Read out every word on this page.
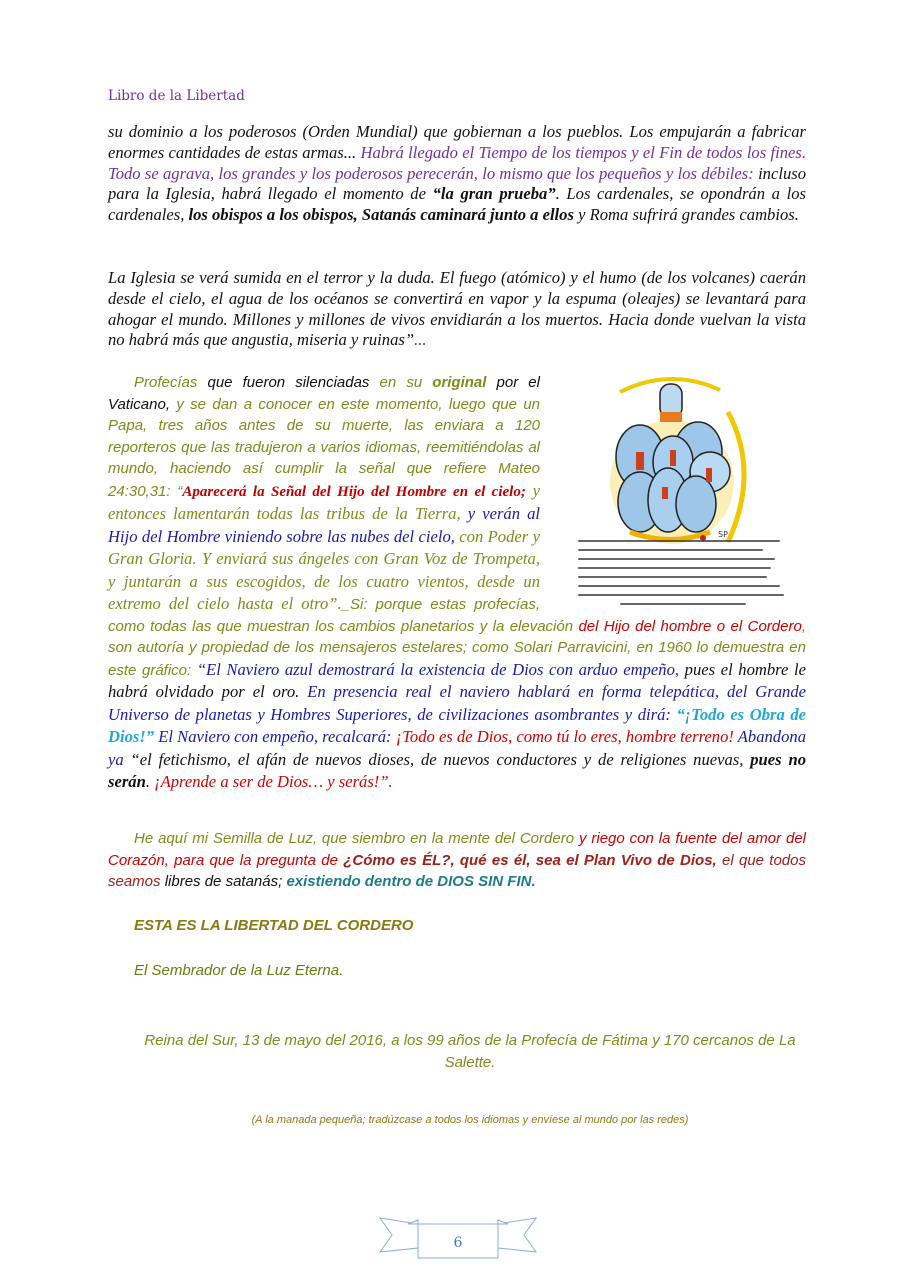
Libro de la Libertad
su dominio a los poderosos (Orden Mundial) que gobiernan a los pueblos. Los empujarán a fabricar enormes cantidades de estas armas... Habrá llegado el Tiempo de los tiempos y el Fin de todos los fines. Todo se agrava, los grandes y los poderosos perecerán, lo mismo que los pequeños y los débiles: incluso para la Iglesia, habrá llegado el momento de “la gran prueba”. Los cardenales, se opondrán a los cardenales, los obispos a los obispos, Satanás caminará junto a ellos y Roma sufrirá grandes cambios.
La Iglesia se verá sumida en el terror y la duda. El fuego (atómico) y el humo (de los volcanes) caerán desde el cielo, el agua de los océanos se convertirá en vapor y la espuma (oleajes) se levantará para ahogar el mundo. Millones y millones de vivos envidiarán a los muertos. Hacia donde vuelvan la vista no habrá más que angustia, miseria y ruinas”...
SP
Profecías que fueron silenciadas en su original por el Vaticano, y se dan a conocer en este momento, luego que un Papa, tres años antes de su muerte, las enviara a 120 reporteros que las tradujeron a varios idiomas, reemitiéndolas al mundo, haciendo así cumplir la señal que refiere Mateo 24:30,31: “Aparecerá la Señal del Hijo del Hombre en el cielo; y entonces lamentarán todas las tribus de la Tierra, y verán al Hijo del Hombre viniendo sobre las nubes del cielo, con Poder y Gran Gloria. Y enviará sus ángeles con Gran Voz de Trompeta, y juntarán a sus escogidos, de los cuatro vientos, desde un extremo del cielo hasta el otro”._Si: porque estas profecías, como todas las que muestran los cambios planetarios y la elevación del Hijo del hombre o el Cordero, son autoría y propiedad de los mensajeros estelares; como Solari Parravicini, en 1960 lo demuestra en este gráfico: “El Naviero azul demostrará la existencia de Dios con arduo empeño, pues el hombre le habrá olvidado por el oro. En presencia real el naviero hablará en forma telepática, del Grande Universo de planetas y Hombres Superiores, de civilizaciones asombrantes y dirá: “¡Todo es Obra de Dios!” El Naviero con empeño, recalcará: ¡Todo es de Dios, como tú lo eres, hombre terreno! Abandona ya “el fetichismo, el afán de nuevos dioses, de nuevos conductores y de religiones nuevas, pues no serán. ¡Aprende a ser de Dios… y serás!”.
He aquí mi Semilla de Luz, que siembro en la mente del Cordero y riego con la fuente del amor del Corazón, para que la pregunta de ¿Cómo es ÉL?, qué es él, sea el Plan Vivo de Dios, el que todos seamos libres de satanás; existiendo dentro de DIOS SIN FIN.
ESTA ES LA LIBERTAD DEL CORDERO
El Sembrador de la Luz Eterna.
Reina del Sur, 13 de mayo del 2016, a los 99 años de la Profecía de Fátima y 170 cercanos de La Salette.
(A la manada pequeña; tradúzcase a todos los idiomas y envíese al mundo por las redes)
6
